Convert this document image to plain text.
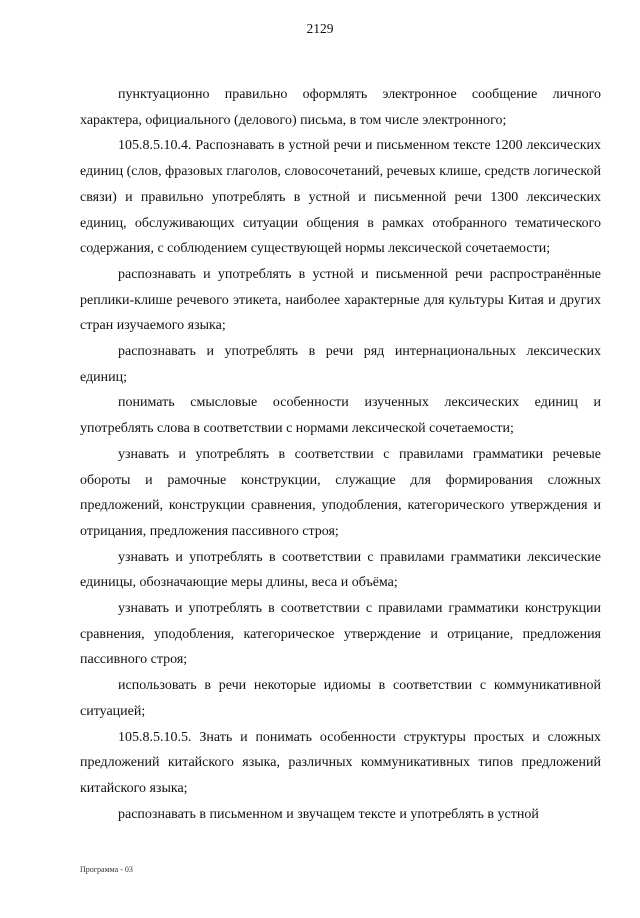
2129

пунктуационно правильно оформлять электронное сообщение личного характера, официального (делового) письма, в том числе электронного;

105.8.5.10.4. Распознавать в устной речи и письменном тексте 1200 лексических единиц (слов, фразовых глаголов, словосочетаний, речевых клише, средств логической связи) и правильно употреблять в устной и письменной речи 1300 лексических единиц, обслуживающих ситуации общения в рамках отобранного тематического содержания, с соблюдением существующей нормы лексической сочетаемости;

распознавать и употреблять в устной и письменной речи распространённые реплики-клише речевого этикета, наиболее характерные для культуры Китая и других стран изучаемого языка;

распознавать и употреблять в речи ряд интернациональных лексических единиц;

понимать смысловые особенности изученных лексических единиц и употреблять слова в соответствии с нормами лексической сочетаемости;

узнавать и употреблять в соответствии с правилами грамматики речевые обороты и рамочные конструкции, служащие для формирования сложных предложений, конструкции сравнения, уподобления, категорического утверждения и отрицания, предложения пассивного строя;

узнавать и употреблять в соответствии с правилами грамматики лексические единицы, обозначающие меры длины, веса и объёма;

узнавать и употреблять в соответствии с правилами грамматики конструкции сравнения, уподобления, категорическое утверждение и отрицание, предложения пассивного строя;

использовать в речи некоторые идиомы в соответствии с коммуникативной ситуацией;

105.8.5.10.5. Знать и понимать особенности структуры простых и сложных предложений китайского языка, различных коммуникативных типов предложений китайского языка;

распознавать в письменном и звучащем тексте и употреблять в устной

Программа - 03
